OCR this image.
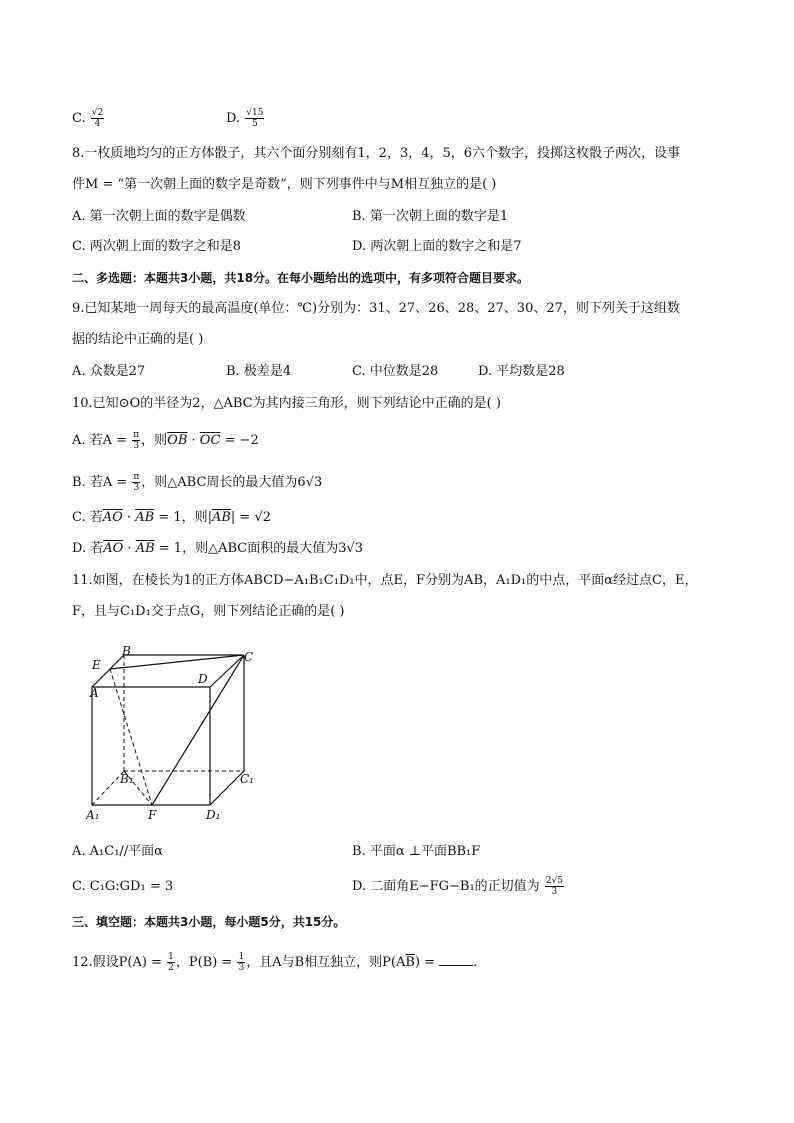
C. $\frac{√2}{4}$	D. $\frac{√15}{5}$
8.一枚质地均匀的正方体骰子，其六个面分别刻有1，2，3，4，5，6六个数字，投掷这枚骰子两次，设事
件M = “第一次朝上面的数字是奇数”，则下列事件中与M相互独立的是( )
A. 第一次朝上面的数字是偶数	B. 第一次朝上面的数字是1
C. 两次朝上面的数字之和是8	D. 两次朝上面的数字之和是7
二、多选题：本题共3小题，共18分。在每小题给出的选项中，有多项符合题目要求。
9.已知某地一周每天的最高温度(单位：℃)分别为：31、27、26、28、27、30、27，则下列关于这组数
据的结论中正确的是( )
A. 众数是27	B. 极差是4	C. 中位数是28	D. 平均数是28
10.已知⊙O的半径为2，△ABC为其内接三角形，则下列结论中正确的是( )
A. 若$A = \frac{\pi}{3}$ ，则$\overline{OB} \cdot \overline{OC} = -2$
B. 若$A = \frac{\pi}{3}$ ，则△ABC周长的最大值为6√3
C. 若$\overline{AO} \cdot \overline{AB} = 1$，则$|\overline{AB}| = √2$
D. 若$\overline{AO} \cdot \overline{AB} = 1$，则△ABC面积的最大值为3√3
11.如图，在棱长为1的正方体ABCD−A₁B₁C₁D₁中，点E，F分别为AB，A₁D₁的中点，平面α经过点C，E，
F，且与C₁D₁交于点G，则下列结论正确的是( )
E
B	C
A
D
B₁	C₁
A₁	F	D₁
A. A₁C₁//平面α	B. 平面α ⊥平面BB₁F
C. C₁G:GD₁ = 3	D. 二面角E−FG−B₁的正切值为 $\frac{2√5}{3}$
三、填空题：本题共3小题，每小题5分，共15分。
12.假设$P(A) = \frac{1}{2}$ ，$P(B) = \frac{1}{3}$ ，且A与B相互独立，则$P(A\overline{B})$ =	.
